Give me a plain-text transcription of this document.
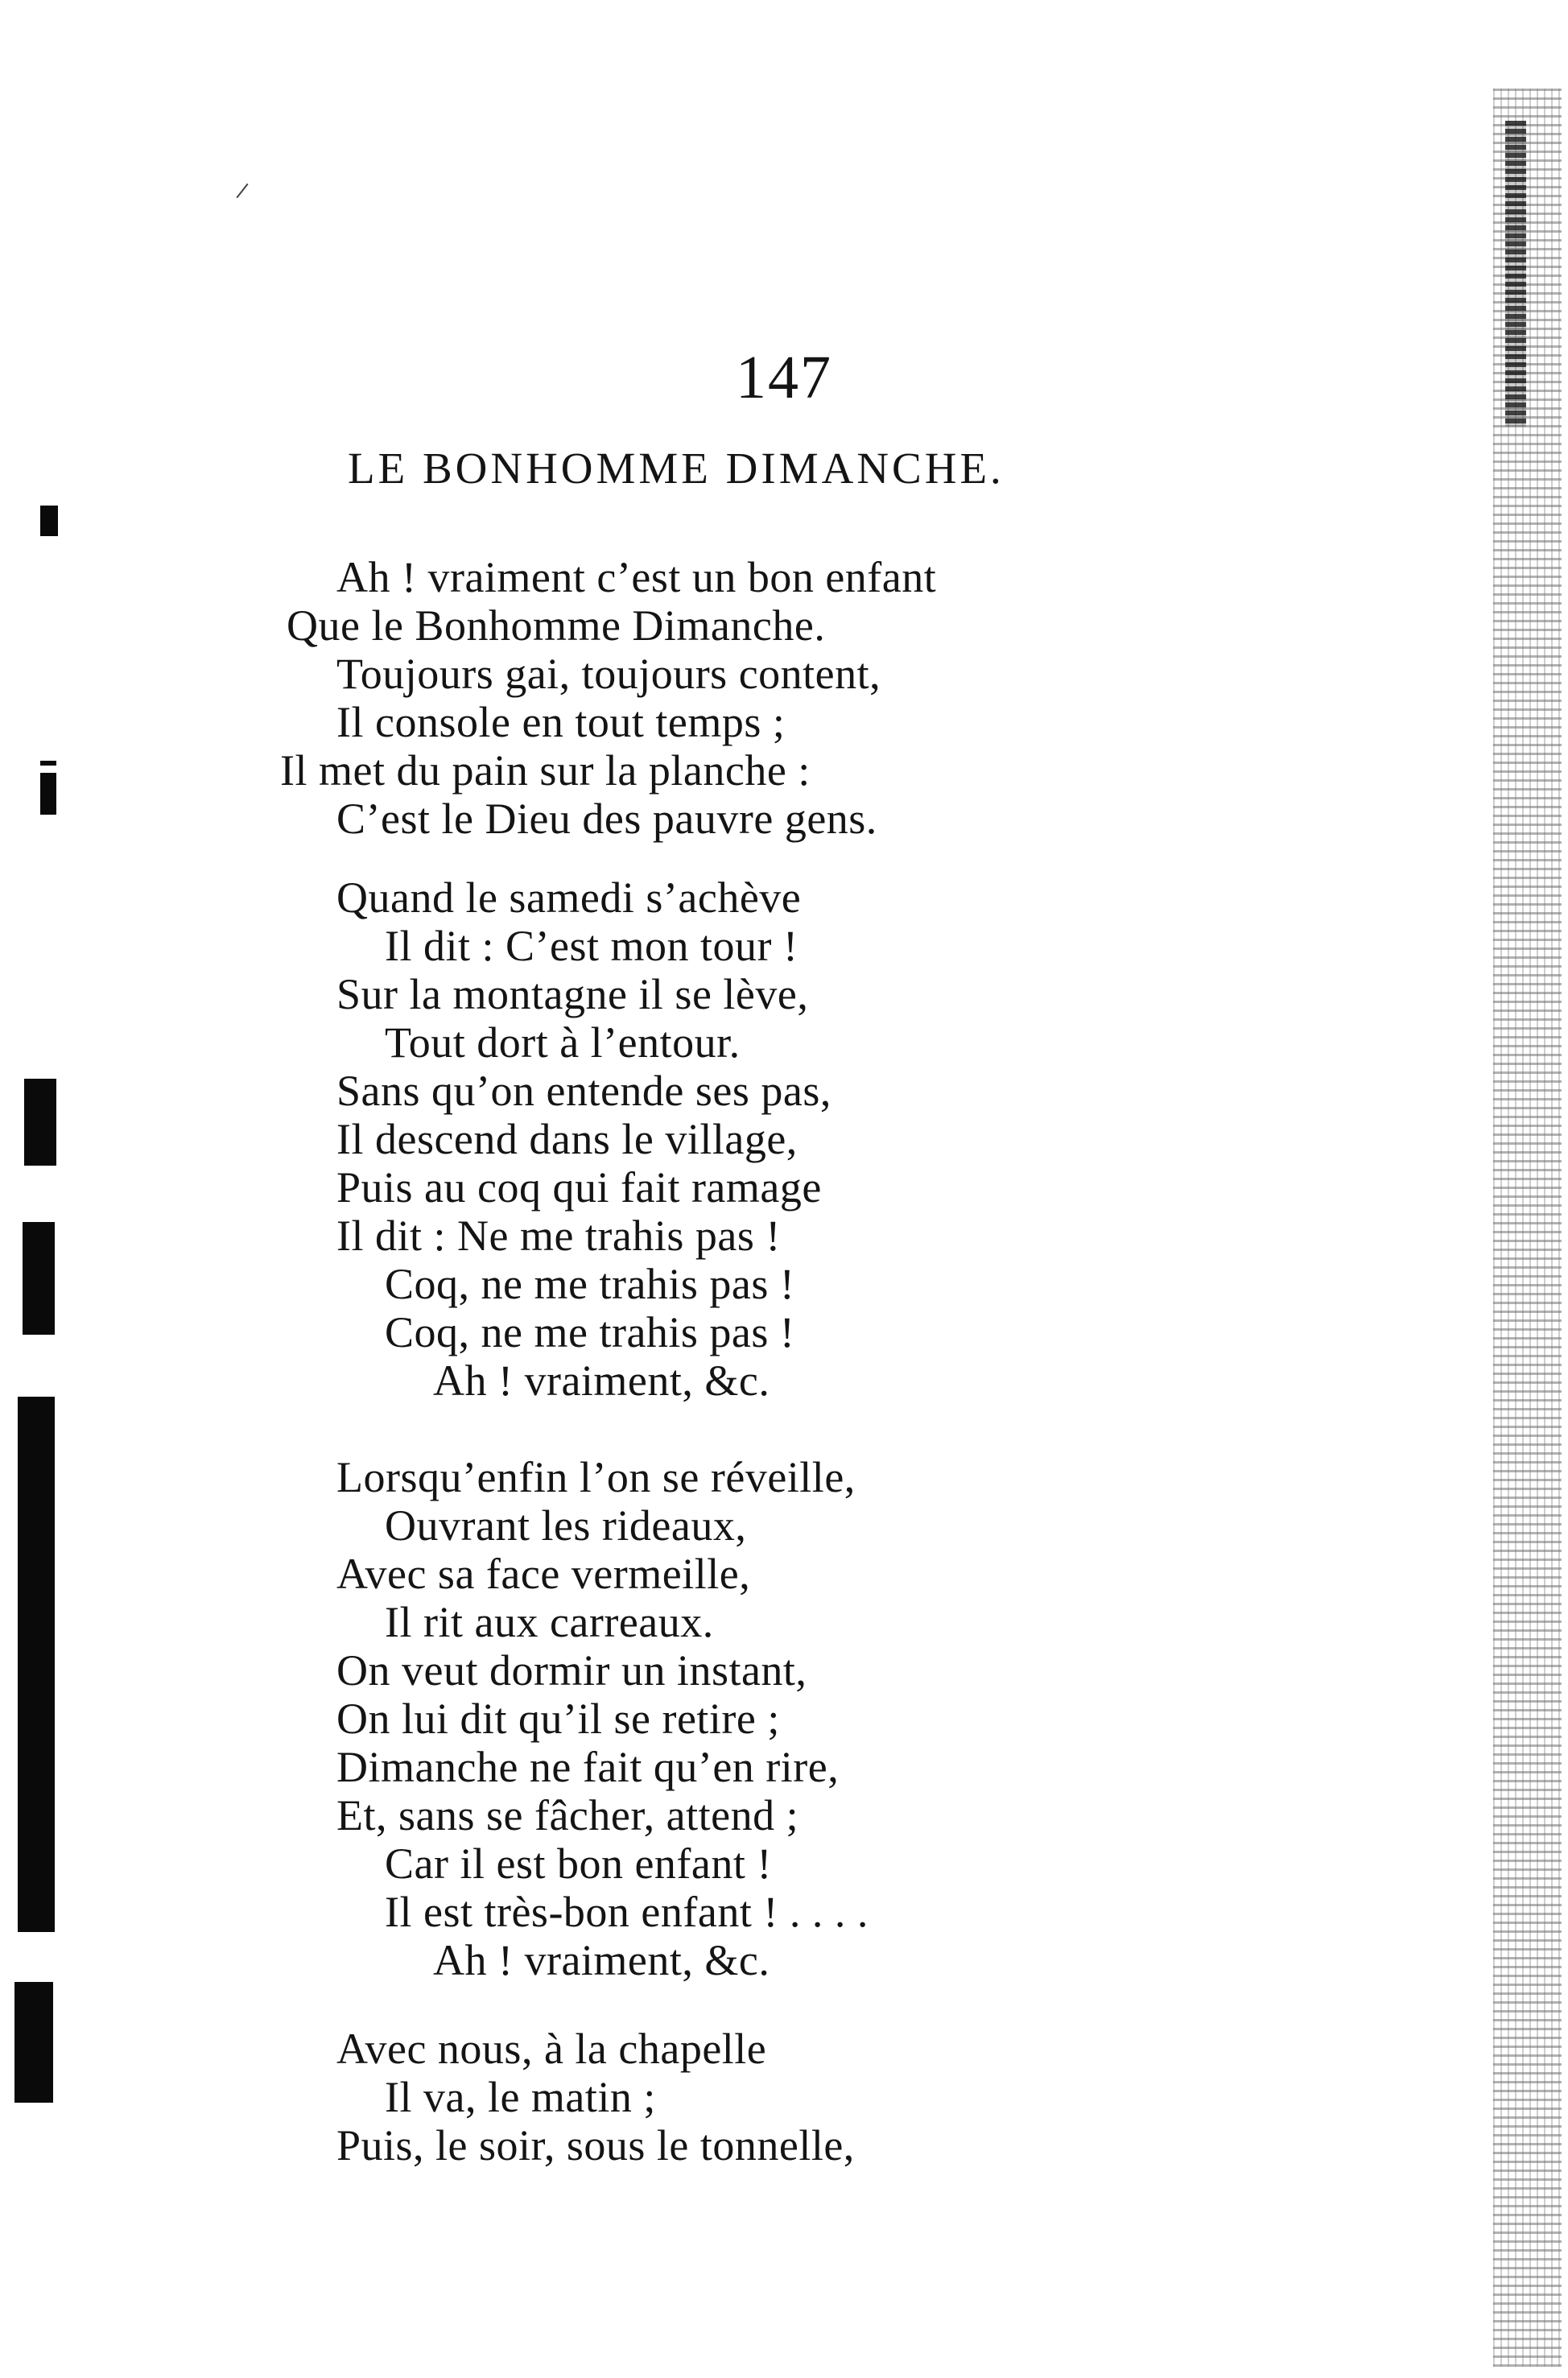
147
LE BONHOMME DIMANCHE.
Ah ! vraiment c’est un bon enfant
Que le Bonhomme Dimanche.
Toujours gai, toujours content,
Il console en tout temps ;
Il met du pain sur la planche :
C’est le Dieu des pauvre gens.
Quand le samedi s’achève
Il dit : C’est mon tour !
Sur la montagne il se lève,
Tout dort à l’entour.
Sans qu’on entende ses pas,
Il descend dans le village,
Puis au coq qui fait ramage
Il dit : Ne me trahis pas !
Coq, ne me trahis pas !
Coq, ne me trahis pas !
Ah ! vraiment, &c.
Lorsqu’enfin l’on se réveille,
Ouvrant les rideaux,
Avec sa face vermeille,
Il rit aux carreaux.
On veut dormir un instant,
On lui dit qu’il se retire ;
Dimanche ne fait qu’en rire,
Et, sans se fâcher, attend ;
Car il est bon enfant !
Il est très-bon enfant ! . . . .
Ah ! vraiment, &c.
Avec nous, à la chapelle
Il va, le matin ;
Puis, le soir, sous le tonnelle,
